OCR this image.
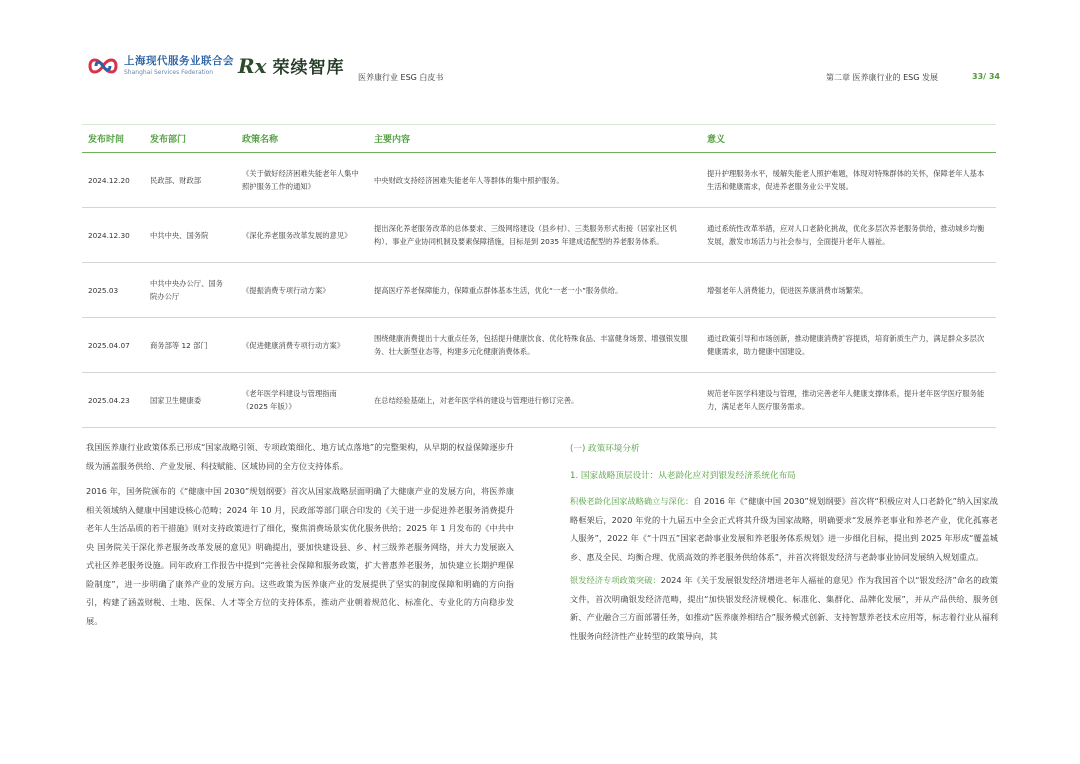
上海现代服务业联合会
Shanghai Services Federation	Rx 荣续智库 医养康行业 ESG 白皮书	第二章 医养康行业的 ESG 发展	33/ 34
发布时间	发布部门	政策名称	主要内容	意义
2024.12.20	民政部、财政部	《关于做好经济困难失能老年人集中照护服务工作的通知》	中央财政支持经济困难失能老年人等群体的集中照护服务。	提升护理服务水平，缓解失能老人照护难题，体现对特殊群体的关怀，保障老年人基本生活和健康需求，促进养老服务业公平发展。
2024.12.30	中共中央、国务院	《深化养老服务改革发展的意见》	提出深化养老服务改革的总体要求、三级网络建设（县乡村）、三类服务形式衔接（居家社区机构）、事业产业协同机制及要素保障措施，目标是到 2035 年建成适配型的养老服务体系。	通过系统性改革举措，应对人口老龄化挑战，优化多层次养老服务供给，推动城乡均衡发展，激发市场活力与社会参与，全面提升老年人福祉。
2025.03	中共中央办公厅、国务院办公厅	《提振消费专项行动方案》	提高医疗养老保障能力，保障重点群体基本生活，优化“一老一小”服务供给。	增强老年人消费能力，促进医养康消费市场繁荣。
2025.04.07	商务部等 12 部门	《促进健康消费专项行动方案》	围绕健康消费提出十大重点任务，包括提升健康饮食、优化特殊食品、丰富健身场景、增强银发服务、壮大新型业态等，构建多元化健康消费体系。	通过政策引导和市场创新，推动健康消费扩容提质，培育新质生产力，满足群众多层次健康需求，助力健康中国建设。
2025.04.23	国家卫生健康委	《老年医学科建设与管理指南（2025 年版）》	在总结经验基础上，对老年医学科的建设与管理进行修订完善。	规范老年医学科建设与管理，推动完善老年人健康支撑体系，提升老年医学医疗服务能力，满足老年人医疗服务需求。

我国医养康行业政策体系已形成“国家战略引领、专项政策细化、地方试点落地”的完整架构，从早期的权益保障逐步升级为涵盖服务供给、产业发展、科技赋能、区域协同的全方位支持体系。

2016 年，国务院颁布的《“健康中国 2030”规划纲要》首次从国家战略层面明确了大健康产业的发展方向，将医养康相关领域纳入健康中国建设核心范畴；2024 年 10 月，民政部等部门联合印发的《关于进一步促进养老服务消费提升老年人生活品质的若干措施》则对支持政策进行了细化，聚焦消费场景实优化服务供给；2025 年 1 月发布的《中共中央 国务院关于深化养老服务改革发展的意见》明确提出，要加快建设县、乡、村三级养老服务网络，并大力发展嵌入式社区养老服务设施。同年政府工作报告中提到“完善社会保障和服务政策，扩大普惠养老服务，加快建立长期护理保险制度”，进一步明确了康养产业的发展方向。这些政策为医养康产业的发展提供了坚实的制度保障和明确的方向指引，构建了涵盖财税、土地、医保、人才等全方位的支持体系，推动产业朝着规范化、标准化、专业化的方向稳步发展。

(一) 政策环境分析

1. 国家战略顶层设计：从老龄化应对到银发经济系统化布局

积极老龄化国家战略确立与深化：自 2016 年《“健康中国 2030”规划纲要》首次将“积极应对人口老龄化”纳入国家战略框架后，2020 年党的十九届五中全会正式将其升级为国家战略，明确要求“发展养老事业和养老产业，优化孤寡老人服务”，2022 年《“十四五”国家老龄事业发展和养老服务体系规划》进一步细化目标，提出到 2025 年形成“覆盖城乡、惠及全民、均衡合理、优质高效的养老服务供给体系”，并首次将银发经济与老龄事业协同发展纳入规划重点。

银发经济专项政策突破：2024 年《关于发展银发经济增进老年人福祉的意见》作为我国首个以“银发经济”命名的政策文件，首次明确银发经济范畴，提出“加快银发经济规模化、标准化、集群化、品牌化发展”，并从产品供给、服务创新、产业融合三方面部署任务，如推动“医养康养相结合”服务模式创新、支持智慧养老技术应用等，标志着行业从福利性服务向经济性产业转型的政策导向，其
